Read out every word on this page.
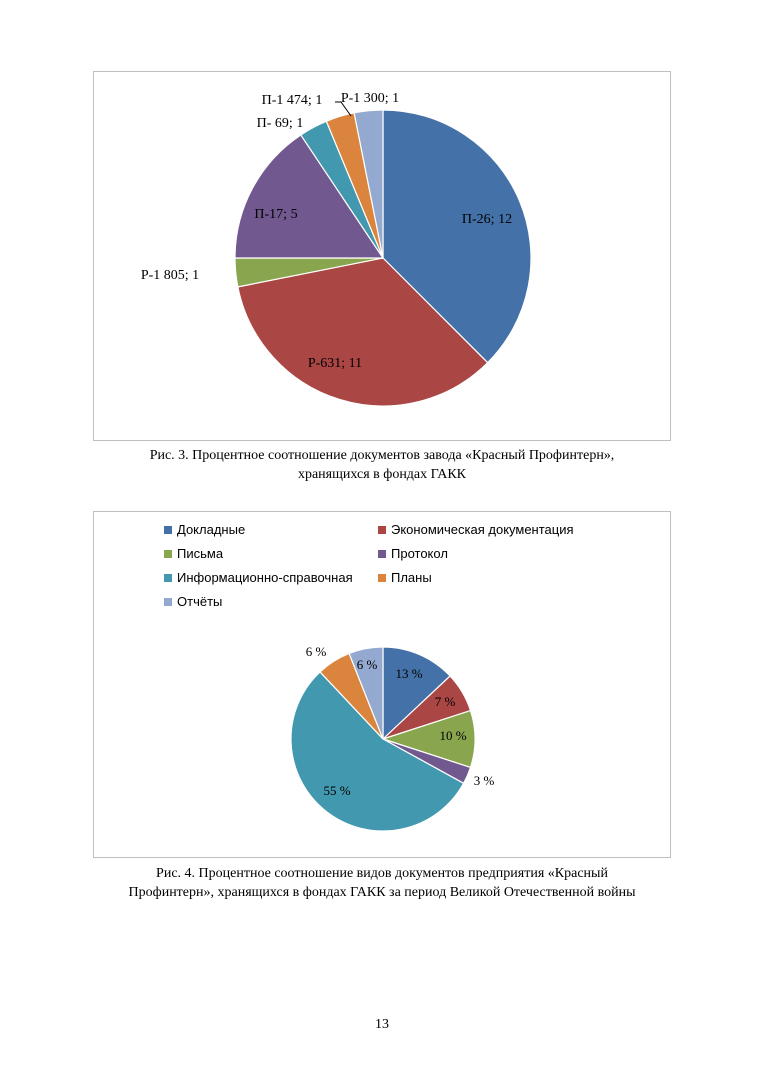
П-26; 12
Р-631; 11
Р-1 805; 1
П-17; 5
П- 69; 1
П-1 474; 1 Р-1 300; 1
Рис. 3. Процентное соотношение документов завода «Красный Профинтерн»,
хранящихся в фондах ГАКК
Докладные	Экономическая документация
Письма	Протокол
Информационно-справочная	Планы
Отчёты
13 %
7 %
10 %
3 %
55 %
6 %
6 %
Рис. 4. Процентное соотношение видов документов предприятия «Красный
Профинтерн», хранящихся в фондах ГАКК за период Великой Отечественной войны
13
